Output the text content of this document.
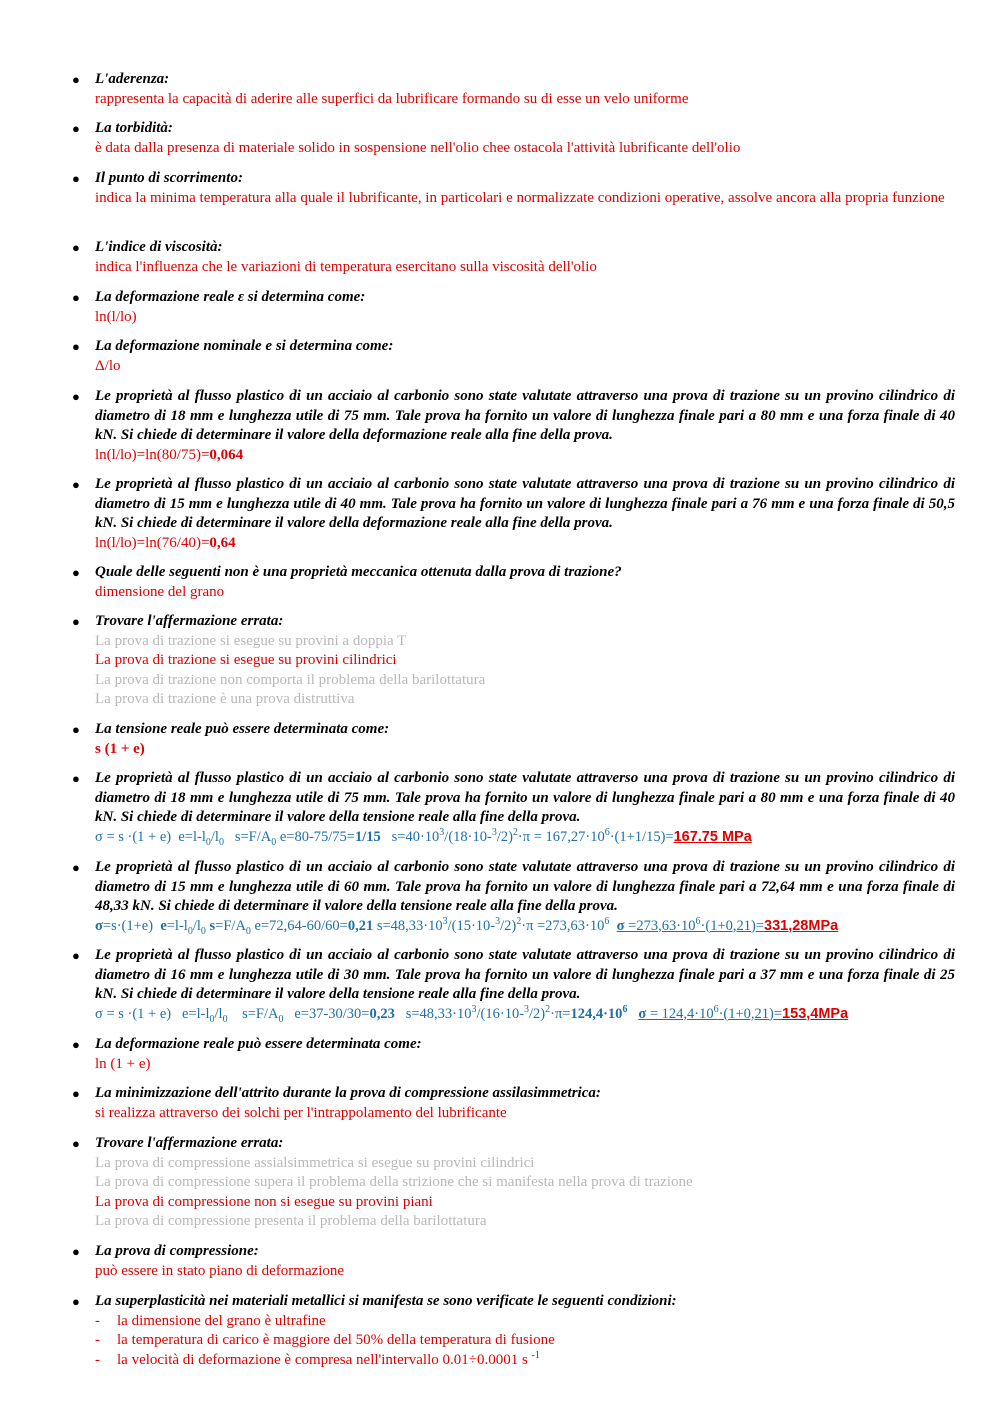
● L'aderenza:
rappresenta la capacità di aderire alle superfici da lubrificare formando su di esse un velo uniforme
● La torbidità:
è data dalla presenza di materiale solido in sospensione nell'olio chee ostacola l'attività lubrificante dell'olio
● Il punto di scorrimento:
indica la minima temperatura alla quale il lubrificante, in particolari e normalizzate condizioni operative, assolve ancora alla propria funzione
● L'indice di viscosità:
indica l'influenza che le variazioni di temperatura esercitano sulla viscosità dell'olio
● La deformazione reale ε si determina come:
ln(l/lo)
● La deformazione nominale e si determina come:
Δ/lo
● Le proprietà al flusso plastico di un acciaio al carbonio sono state valutate attraverso una prova di trazione su un provino cilindrico di diametro di 18 mm e lunghezza utile di 75 mm. Tale prova ha fornito un valore di lunghezza finale pari a 80 mm e una forza finale di 40 kN. Si chiede di determinare il valore della deformazione reale alla fine della prova.
ln(l/lo)=ln(80/75)=0,064
● Le proprietà al flusso plastico di un acciaio al carbonio sono state valutate attraverso una prova di trazione su un provino cilindrico di diametro di 15 mm e lunghezza utile di 40 mm. Tale prova ha fornito un valore di lunghezza finale pari a 76 mm e una forza finale di 50,5 kN. Si chiede di determinare il valore della deformazione reale alla fine della prova.
ln(l/lo)=ln(76/40)=0,64
● Quale delle seguenti non è una proprietà meccanica ottenuta dalla prova di trazione?
dimensione del grano
● Trovare l'affermazione errata:
La prova di trazione si esegue su provini a doppia T
La prova di trazione si esegue su provini cilindrici
La prova di trazione non comporta il problema della barilottatura
La prova di trazione è una prova distruttiva
● La tensione reale può essere determinata come:
s (1 + e)
● Le proprietà al flusso plastico di un acciaio al carbonio sono state valutate attraverso una prova di trazione su un provino cilindrico di diametro di 18 mm e lunghezza utile di 75 mm. Tale prova ha fornito un valore di lunghezza finale pari a 80 mm e una forza finale di 40 kN. Si chiede di determinare il valore della tensione reale alla fine della prova.
σ = s ·(1 + e)  $e=l-l_0/l_0$   $s=F/A_0$ e=80-75/75=1/15   $s=40\cdot 10^3/(18\cdot 10-^3/2)^2\cdot\pi = 167,27\cdot 10^6\cdot(1+1/15)=167.75$ MPa
● Le proprietà al flusso plastico di un acciaio al carbonio sono state valutate attraverso una prova di trazione su un provino cilindrico di diametro di 15 mm e lunghezza utile di 60 mm. Tale prova ha fornito un valore di lunghezza finale pari a 72,64 mm e una forza finale di 48,33 kN. Si chiede di determinare il valore della tensione reale alla fine della prova.
σ=s·(1+e)  $e=l-l_0/l_0$ $s=F/A_0$ e=72,64-60/60=0,21 $s=48,33\cdot 10^3/(15\cdot 10-^3/2)^2\cdot\pi =273,63\cdot 10^6$ $\sigma =273,63\cdot 10^6\cdot(1+0,21)=331,28MPa$
● Le proprietà al flusso plastico di un acciaio al carbonio sono state valutate attraverso una prova di trazione su un provino cilindrico di diametro di 16 mm e lunghezza utile di 30 mm. Tale prova ha fornito un valore di lunghezza finale pari a 37 mm e una forza finale di 25 kN. Si chiede di determinare il valore della tensione reale alla fine della prova.
σ = s ·(1 + e)   $e=l-l_0/l_0$    $s=F/A_0$   e=37-30/30=0,23   $s=48,33\cdot 10^3/(16\cdot 10-^3/2)^2\cdot\pi=124,4\cdot 10^6$ $\sigma = 124,4\cdot 10^6\cdot(1+0,21)=153,4MPa$
● La deformazione reale può essere determinata come:
ln (1 + e)
● La minimizzazione dell'attrito durante la prova di compressione assilasimmetrica:
si realizza attraverso dei solchi per l'intrappolamento del lubrificante
● Trovare l'affermazione errata:
La prova di compressione assialsimmetrica si esegue su provini cilindrici
La prova di compressione supera il problema della strizione che si manifesta nella prova di trazione
La prova di compressione non si esegue su provini piani
La prova di compressione presenta il problema della barilottatura
● La prova di compressione:
può essere in stato piano di deformazione
● La superplasticità nei materiali metallici si manifesta se sono verificate le seguenti condizioni:
- la dimensione del grano è ultrafine
- la temperatura di carico è maggiore del 50% della temperatura di fusione
- la velocità di deformazione è compresa nell'intervallo 0.01÷0.0001 s $^{-1}$
